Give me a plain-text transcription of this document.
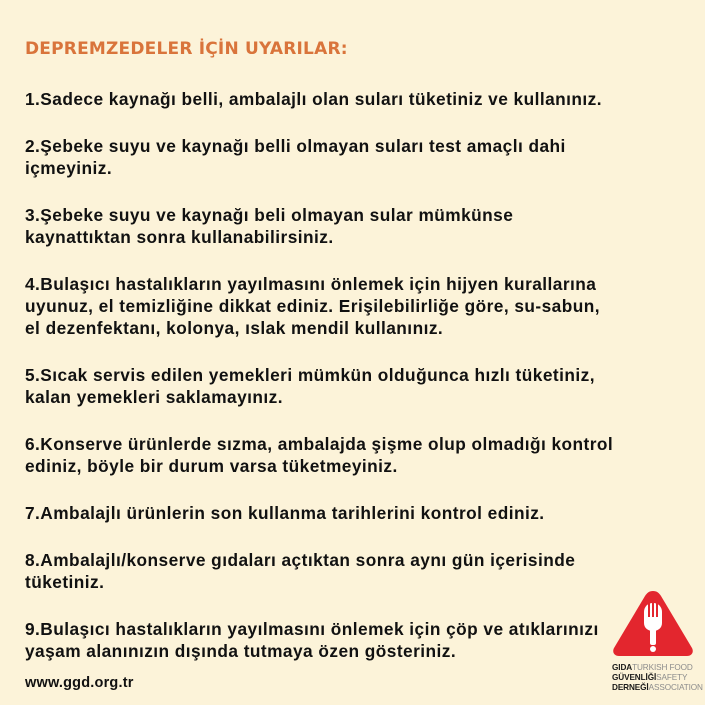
DEPREMZEDELER İÇİN UYARILAR:

1.Sadece kaynağı belli, ambalajlı olan suları tüketiniz ve kullanınız.

2.Şebeke suyu ve kaynağı belli olmayan suları test amaçlı dahi
içmeyiniz.

3.Şebeke suyu ve kaynağı beli olmayan sular mümkünse
kaynattıktan sonra kullanabilirsiniz.

4.Bulaşıcı hastalıkların yayılmasını önlemek için hijyen kurallarına
uyunuz, el temizliğine dikkat ediniz. Erişilebilirliğe göre, su-sabun,
el dezenfektanı, kolonya, ıslak mendil kullanınız.

5.Sıcak servis edilen yemekleri mümkün olduğunca hızlı tüketiniz,
kalan yemekleri saklamayınız.

6.Konserve ürünlerde sızma, ambalajda şişme olup olmadığı kontrol
ediniz, böyle bir durum varsa tüketmeyiniz.

7.Ambalajlı ürünlerin son kullanma tarihlerini kontrol ediniz.

8.Ambalajlı/konserve gıdaları açtıktan sonra aynı gün içerisinde
tüketiniz.

9.Bulaşıcı hastalıkların yayılmasını önlemek için çöp ve atıklarınızı
yaşam alanınızın dışında tutmaya özen gösteriniz.

www.ggd.org.tr
GIDATURKISH FOOD
GÜVENLİĞİSAFETY
DERNEĞİASSOCIATION
